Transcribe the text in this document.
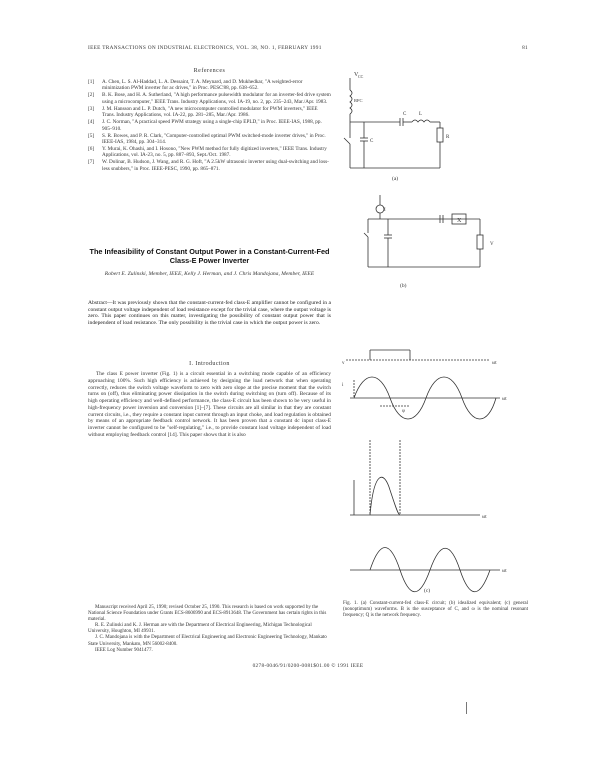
IEEE TRANSACTIONS ON INDUSTRIAL ELECTRONICS, VOL. 38, NO. 1, FEBRUARY 1991	81
References
[1] A. Chen, L. S. Al-Haddad, L. A. Dessaint, T. A. Meynard, and D. Mukhedkar, "A weighted-error minimization PWM inverter for ac drives," in Proc. PESC'88, pp. 638–652.
[2] B. K. Bose, and H. A. Sutherland, "A high performance pulsewidth modulator for an inverter-fed drive system using a microcomputer," IEEE Trans. Industry Applications, vol. IA-19, no. 2, pp. 235–243, Mar./Apr. 1983.
[3] J. M. Hansson and L. P. Dutch, "A new microcomputer controlled modulator for PWM inverters," IEEE Trans. Industry Applications, vol. IA-22, pp. 281–285, Mar./Apr. 1986.
[4] J. C. Norman, "A practical speed PWM strategy using a single-chip EPLD," in Proc. IEEE-IAS, 1988, pp. 905–910.
[5] S. R. Bowes, and P. R. Clark, "Computer-controlled optimal PWM switched-mode inverter drives," in Proc. IEEE-IAS, 1984, pp. 304–314.
[6] Y. Murai, K. Ohashi, and I. Hosono, "New PWM method for fully digitized inverters," IEEE Trans. Industry Applications, vol. IA-23, no. 5, pp. 887–893, Sept./Oct. 1987.
[7] W. Dolinar, B. Hudson, J. Wang, and R. G. Hoft, "A 2.5kW ultrasonic inverter using dual-switching and loss-less snubbers," in Proc. IEEE-PESC, 1990, pp. 865–871.
The Infeasibility of Constant Output Power in a Constant-Current-Fed Class-E Power Inverter
Robert E. Zulinski, Member, IEEE, Kelly J. Herman, and J. Chris Mandojana, Member, IEEE
Abstract—It was previously shown that the constant-current-fed class-E amplifier cannot be configured in a constant output voltage independent of load resistance except for the trivial case, where the output voltage is zero. This paper continues on this matter, investigating the possibility of constant output power that is independent of load resistance. The only possibility is the trivial case in which the output power is zero.
I. Introduction

The class E power inverter (Fig. 1) is a circuit essential in a switching mode capable of an efficiency approaching 100%. Such high efficiency is achieved by designing the load network that when operating correctly, reduces the switch voltage waveform to zero with zero slope at the precise moment that the switch turns on (off), thus eliminating power dissipation in the switch during switching on (turn off). Because of its high operating efficiency and well-defined performance, the class-E circuit has been shown to be very useful in high-frequency power inversion and conversion [1]–[7]. These circuits are all similar in that they are constant current circuits, i.e., they require a constant input current through an input choke, and load regulation is obtained by means of an appropriate feedback control network. It has been proven that a constant dc input class-E inverter cannot be configured to be "self-regulating," i.e., to provide constant load voltage independent of load without employing feedback control [14]. This paper shows that it is also

Manuscript received April 25, 1990; revised October 25, 1990. This research is based on work supported by the National Science Foundation under Grants ECS-8606990 and ECS-8913648. The Government has certain rights in this material.

R. E. Zulinski and K. J. Herman are with the Department of Electrical Engineering, Michigan Technological University, Houghton, MI 49931.

J. C. Mandojana is with the Department of Electrical Engineering and Electronic Engineering Technology, Mankato State University, Mankato, MN 56002-8400.

IEEE Log Number 9041477.

0278-0046/91/0200-0081$01.00 © 1991 IEEE
V CC
RFC
C	L
R
C
(a)
I
X
V
(b)
v
i
φ
ωt
ωt
ωt
ωt
(c)
Fig. 1. (a) Constant-current-fed class-E circuit; (b) idealized equivalent; (c) general (nonoptimum) waveforms. B is the susceptance of C, and ω is the nominal resonant frequency; Q is the network frequency.
